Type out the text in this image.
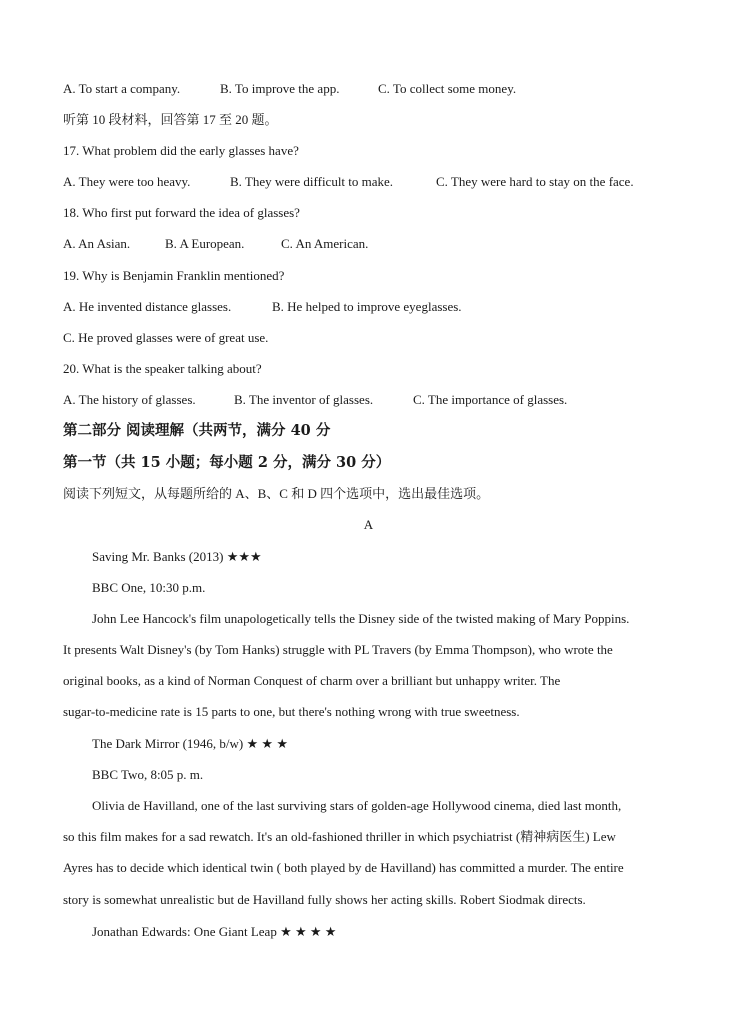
A. To start a company.	B. To improve the app.	C. To collect some money.
听第 10 段材料，回答第 17 至 20 题。
17. What problem did the early glasses have?
A. They were too heavy.	B. They were difficult to make.	C. They were hard to stay on the face.
18. Who first put forward the idea of glasses?
A. An Asian.	B. A European.	C. An American.
19. Why is Benjamin Franklin mentioned?
A. He invented distance glasses.	B. He helped to improve eyeglasses.
C. He proved glasses were of great use.
20. What is the speaker talking about?
A. The history of glasses.	B. The inventor of glasses.	C. The importance of glasses.
第二部分 阅读理解（共两节，满分 40 分
第一节（共 15 小题；每小题 2 分，满分 30 分）
阅读下列短文，从每题所给的 A、B、C 和 D 四个选项中，选出最佳选项。
A
Saving Mr. Banks (2013) ★★★
BBC One, 10:30 p.m.
John Lee Hancock's film unapologetically tells the Disney side of the twisted making of Mary Poppins.
It presents Walt Disney's (by Tom Hanks) struggle with PL Travers (by Emma Thompson), who wrote the
original books, as a kind of Norman Conquest of charm over a brilliant but unhappy writer. The
sugar-to-medicine rate is 15 parts to one, but there's nothing wrong with true sweetness.
The Dark Mirror (1946, b/w) ★ ★ ★
BBC Two, 8:05 p. m.
Olivia de Havilland, one of the last surviving stars of golden-age Hollywood cinema, died last month,
so this film makes for a sad rewatch. It's an old-fashioned thriller in which psychiatrist (精神病医生) Lew
Ayres has to decide which identical twin ( both played by de Havilland) has committed a murder. The entire
story is somewhat unrealistic but de Havilland fully shows her acting skills. Robert Siodmak directs.
Jonathan Edwards: One Giant Leap ★ ★ ★ ★
